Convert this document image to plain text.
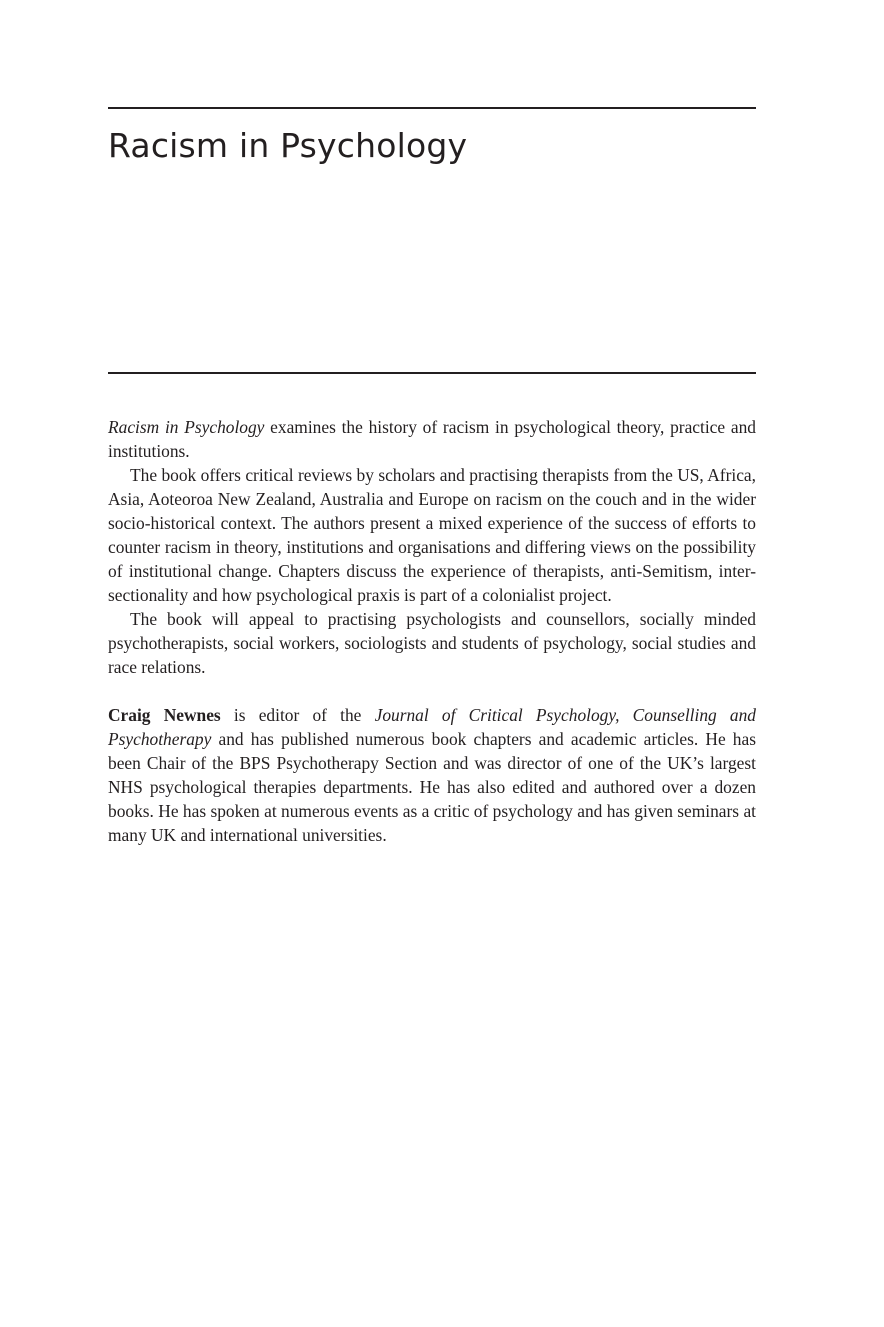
Racism in Psychology

Racism in Psychology examines the history of racism in psychological theory, practice and institutions.

The book offers critical reviews by scholars and practising therapists from the US, Africa, Asia, Aoteoroa New Zealand, Australia and Europe on racism on the couch and in the wider socio-historical context. The authors present a mixed experience of the success of efforts to counter racism in theory, institutions and organisations and differing views on the possibility of institutional change. Chapters discuss the experience of therapists, anti-Semitism, inter-sectionality and how psychological praxis is part of a colonialist project.

The book will appeal to practising psychologists and counsellors, socially minded psychotherapists, social workers, sociologists and students of psychology, social studies and race relations.

Craig Newnes is editor of the Journal of Critical Psychology, Counselling and Psychotherapy and has published numerous book chapters and academic articles. He has been Chair of the BPS Psychotherapy Section and was director of one of the UK’s largest NHS psychological therapies departments. He has also edited and authored over a dozen books. He has spoken at numerous events as a critic of psychology and has given seminars at many UK and international universities.
